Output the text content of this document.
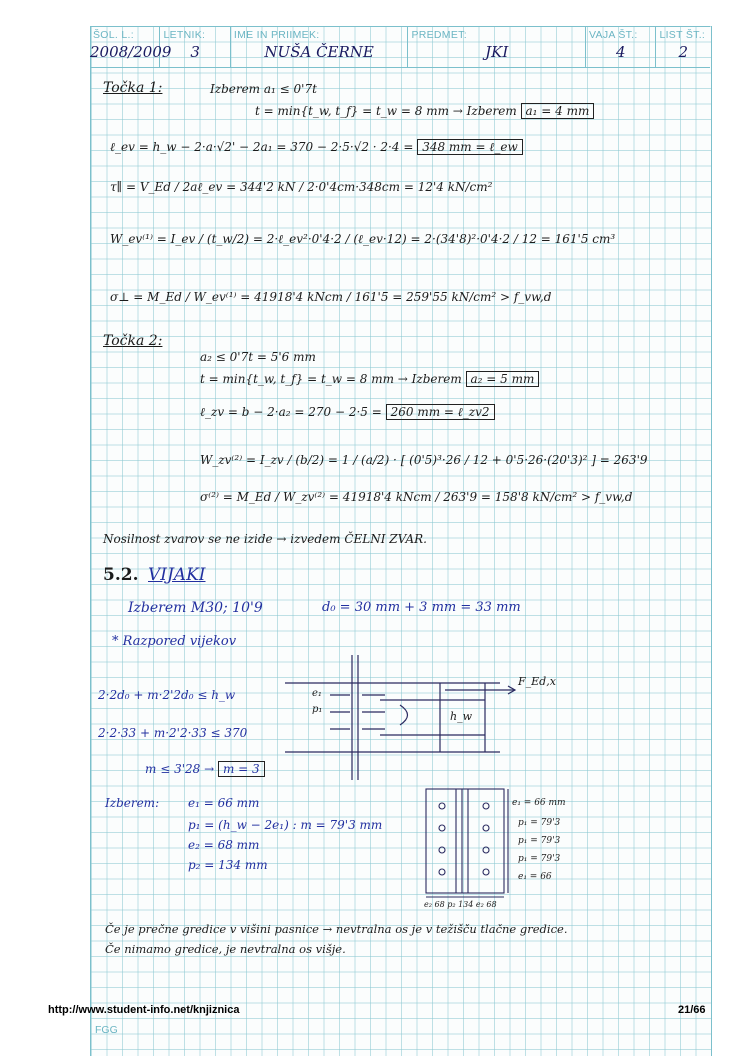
ŠOL. L.:
2008/2009
LETNIK:
3
IME IN PRIIMEK:
NUŠA ČERNE
PREDMET:
JKI
VAJA ŠT.:
4
LIST ŠT.:
2
Točka 1:	Izberem a₁ ≤ 0'7t
t = min{t_w, t_f} = t_w = 8 mm → Izberem a₁ = 4 mm
ℓ_ev = h_w − 2·a·√2' − 2a₁ = 370 − 2·5·√2 · 2·4 = 348 mm = ℓ_ew
τ∥ = V_Ed / 2aℓ_ev = 344'2 kN / 2·0'4cm·348cm = 12'4 kN/cm²
W_ev⁽¹⁾ = I_ev / (t_w/2) = 2·ℓ_ev²·0'4·2 / (ℓ_ev·12) = 2·(34'8)²·0'4·2 / 12 = 161'5 cm³
σ⊥ = M_Ed / W_ev⁽¹⁾ = 41918'4 kNcm / 161'5 = 259'55 kN/cm² > f_vw,d
Točka 2:
a₂ ≤ 0'7t = 5'6 mm
t = min{t_w, t_f} = t_w = 8 mm → Izberem a₂ = 5 mm
ℓ_zv = b − 2·a₂ = 270 − 2·5 = 260 mm = ℓ_zv2
W_zv⁽²⁾ = I_zv / (b/2) = 1 / (a/2) · [ (0'5)³·26 / 12 + 0'5·26·(20'3)² ] = 263'9
σ⁽²⁾ = M_Ed / W_zv⁽²⁾ = 41918'4 kNcm / 263'9 = 158'8 kN/cm² > f_vw,d
Nosilnost zvarov se ne izide → izvedem ČELNI ZVAR.
5.2. VIJAKI
Izberem M30; 10'9	d₀ = 30 mm + 3 mm = 33 mm
* Razpored vijekov
2·2d₀ + m·2'2d₀ ≤ h_w
2·2·33 + m·2'2·33 ≤ 370
m ≤ 3'28 → m = 3
F_Ed,x
h_w
e₁
p₁
Izberem: e₁ = 66 mm
p₁ = (h_w − 2e₁) : m = 79'3 mm
e₂ = 68 mm
p₂ = 134 mm
e₁ = 66 mm
p₁ = 79'3
p₁ = 79'3
p₁ = 79'3
e₁ = 66
e₂ 68 p₂ 134 e₂ 68
Če je prečne gredice v višini pasnice → nevtralna os je v težišču tlačne gredice.
Če nimamo gredice, je nevtralna os višje.
http://www.student-info.net/knjiznica	21/66
FGG
